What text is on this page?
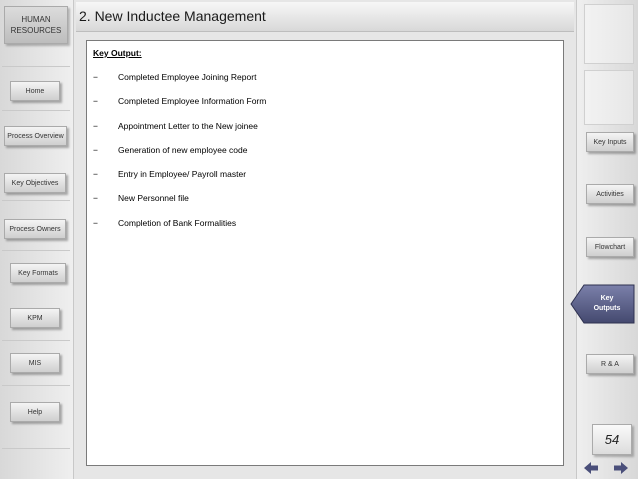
HUMAN
RESOURCES
2. New Inductee Management
Home
Process Overview
Key Objectives
Process Owners
Key Formats
KPM
MIS
Help
Key Inputs
Activities
Flowchart
R & A
Key
Outputs
Key Output:
− Completed Employee Joining Report
− Completed Employee Information Form
− Appointment Letter to the New joinee
− Generation of new employee code
− Entry in Employee/ Payroll master
− New Personnel file
− Completion of Bank Formalities
54
